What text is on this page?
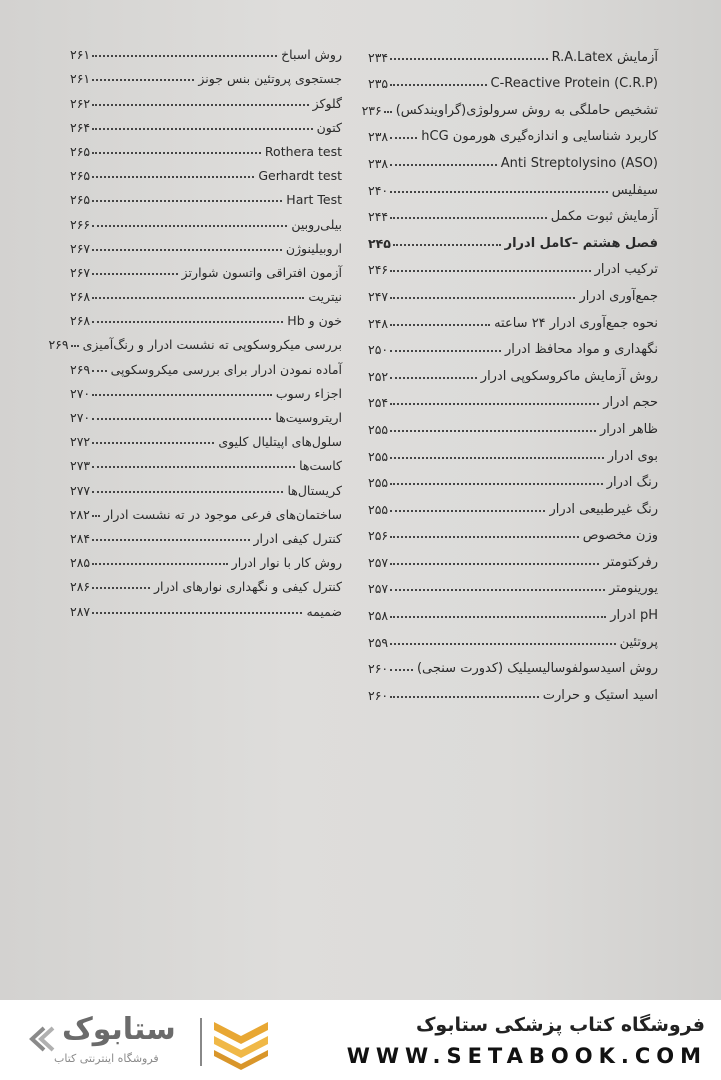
آزمایش R.A.Latex
۲۳۴
C-Reactive Protein (C.R.P)
۲۳۵
تشخیص حاملگی به روش سرولوژی(گراویندکس)
۲۳۶
کاربرد شناسایی و اندازه‌گیری هورمون hCG
۲۳۸
Anti Streptolysino (ASO)
۲۳۸
سیفلیس
۲۴۰
آزمایش ثبوت مکمل
۲۴۴
فصل هشتم –کامل ادرار
۲۴۵
ترکیب ادرار
۲۴۶
جمع‌آوری ادرار
۲۴۷
نحوه جمع‌آوری ادرار ۲۴ ساعته
۲۴۸
نگهداری و مواد محافظ ادرار
۲۵۰
روش آزمایش ماکروسکوپی ادرار
۲۵۲
حجم ادرار
۲۵۴
ظاهر ادرار
۲۵۵
بوی ادرار
۲۵۵
رنگ ادرار
۲۵۵
رنگ غیرطبیعی ادرار
۲۵۵
وزن مخصوص
۲۵۶
رفرکتومتر
۲۵۷
یورینومتر
۲۵۷
pH ادرار
۲۵۸
پروتئین
۲۵۹
روش اسیدسولفوسالیسیلیک (کدورت سنجی)
۲۶۰
اسید استیک و حرارت
۲۶۰
روش اسباخ
۲۶۱
جستجوی پروتئین بنس جونز
۲۶۱
گلوکز
۲۶۲
کتون
۲۶۴
Rothera test
۲۶۵
Gerhardt test
۲۶۵
Hart Test
۲۶۵
بیلی‌روبین
۲۶۶
اروبیلینوژن
۲۶۷
آزمون افتراقی واتسون شوارتز
۲۶۷
نیتریت
۲۶۸
خون و Hb
۲۶۸
بررسی میکروسکوپی ته نشست ادرار و رنگ‌آمیزی
۲۶۹
آماده نمودن ادرار برای بررسی میکروسکوپی
۲۶۹
اجزاء رسوب
۲۷۰
اریتروسیت‌ها
۲۷۰
سلول‌های اپیتلیال کلیوی
۲۷۲
کاست‌ها
۲۷۳
کریستال‌ها
۲۷۷
ساختمان‌های فرعی موجود در ته نشست ادرار
۲۸۲
کنترل کیفی ادرار
۲۸۴
روش کار با نوار ادرار
۲۸۵
کنترل کیفی و نگهداری نوارهای ادرار
۲۸۶
ضمیمه
۲۸۷
ستابوک
فروشگاه اینترنتی کتاب
فروشگاه کتاب پزشکی ستابوک
WWW.SETABOOK.COM
